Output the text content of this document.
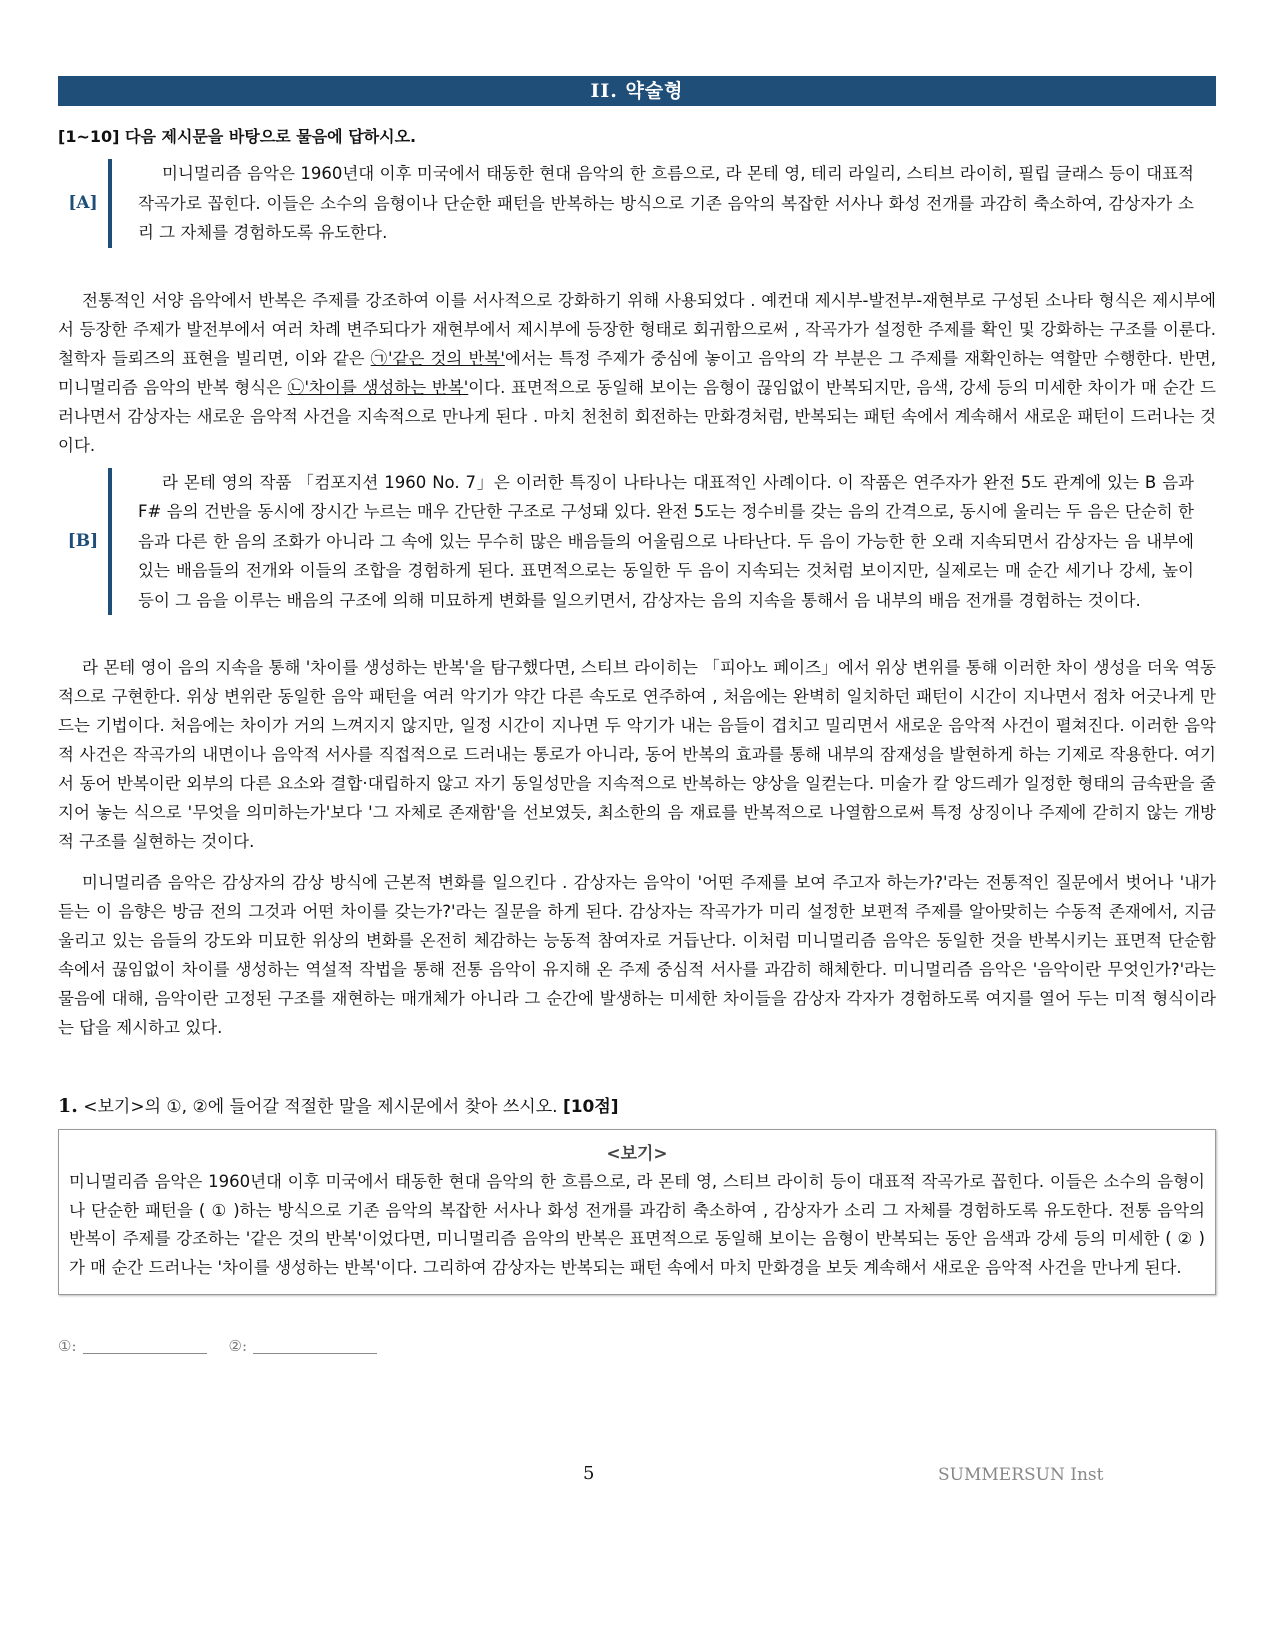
II. 약술형
[1~10] 다음 제시문을 바탕으로 물음에 답하시오.
[A]
미니멀리즘 음악은 1960년대 이후 미국에서 태동한 현대 음악의 한 흐름으로, 라 몬테 영, 테리 라일리, 스티브 라이히, 필립 글래스 등이 대표적 작곡가로 꼽힌다. 이들은 소수의 음형이나 단순한 패턴을 반복하는 방식으로 기존 음악의 복잡한 서사나 화성 전개를 과감히 축소하여, 감상자가 소리 그 자체를 경험하도록 유도한다.

전통적인 서양 음악에서 반복은 주제를 강조하여 이를 서사적으로 강화하기 위해 사용되었다 . 예컨대 제시부-발전부-재현부로 구성된 소나타 형식은 제시부에서 등장한 주제가 발전부에서 여러 차례 변주되다가 재현부에서 제시부에 등장한 형태로 회귀함으로써 , 작곡가가 설정한 주제를 확인 및 강화하는 구조를 이룬다. 철학자 들뢰즈의 표현을 빌리면, 이와 같은 ㉠'같은 것의 반복'에서는 특정 주제가 중심에 놓이고 음악의 각 부분은 그 주제를 재확인하는 역할만 수행한다. 반면, 미니멀리즘 음악의 반복 형식은 ㉡'차이를 생성하는 반복'이다. 표면적으로 동일해 보이는 음형이 끊임없이 반복되지만, 음색, 강세 등의 미세한 차이가 매 순간 드러나면서 감상자는 새로운 음악적 사건을 지속적으로 만나게 된다 . 마치 천천히 회전하는 만화경처럼, 반복되는 패턴 속에서 계속해서 새로운 패턴이 드러나는 것이다.

[B]
라 몬테 영의 작품 「컴포지션 1960 No. 7」은 이러한 특징이 나타나는 대표적인 사례이다. 이 작품은 연주자가 완전 5도 관계에 있는 B 음과 F# 음의 건반을 동시에 장시간 누르는 매우 간단한 구조로 구성돼 있다. 완전 5도는 정수비를 갖는 음의 간격으로, 동시에 울리는 두 음은 단순히 한 음과 다른 한 음의 조화가 아니라 그 속에 있는 무수히 많은 배음들의 어울림으로 나타난다. 두 음이 가능한 한 오래 지속되면서 감상자는 음 내부에 있는 배음들의 전개와 이들의 조합을 경험하게 된다. 표면적으로는 동일한 두 음이 지속되는 것처럼 보이지만, 실제로는 매 순간 세기나 강세, 높이 등이 그 음을 이루는 배음의 구조에 의해 미묘하게 변화를 일으키면서, 감상자는 음의 지속을 통해서 음 내부의 배음 전개를 경험하는 것이다.

라 몬테 영이 음의 지속을 통해 '차이를 생성하는 반복'을 탐구했다면, 스티브 라이히는 「피아노 페이즈」에서 위상 변위를 통해 이러한 차이 생성을 더욱 역동적으로 구현한다. 위상 변위란 동일한 음악 패턴을 여러 악기가 약간 다른 속도로 연주하여 , 처음에는 완벽히 일치하던 패턴이 시간이 지나면서 점차 어긋나게 만드는 기법이다. 처음에는 차이가 거의 느껴지지 않지만, 일정 시간이 지나면 두 악기가 내는 음들이 겹치고 밀리면서 새로운 음악적 사건이 펼쳐진다. 이러한 음악적 사건은 작곡가의 내면이나 음악적 서사를 직접적으로 드러내는 통로가 아니라, 동어 반복의 효과를 통해 내부의 잠재성을 발현하게 하는 기제로 작용한다. 여기서 동어 반복이란 외부의 다른 요소와 결합·대립하지 않고 자기 동일성만을 지속적으로 반복하는 양상을 일컫는다. 미술가 칼 앙드레가 일정한 형태의 금속판을 줄지어 놓는 식으로 '무엇을 의미하는가'보다 '그 자체로 존재함'을 선보였듯, 최소한의 음 재료를 반복적으로 나열함으로써 특정 상징이나 주제에 갇히지 않는 개방적 구조를 실현하는 것이다.

미니멀리즘 음악은 감상자의 감상 방식에 근본적 변화를 일으킨다 . 감상자는 음악이 '어떤 주제를 보여 주고자 하는가?'라는 전통적인 질문에서 벗어나 '내가 듣는 이 음향은 방금 전의 그것과 어떤 차이를 갖는가?'라는 질문을 하게 된다. 감상자는 작곡가가 미리 설정한 보편적 주제를 알아맞히는 수동적 존재에서, 지금 울리고 있는 음들의 강도와 미묘한 위상의 변화를 온전히 체감하는 능동적 참여자로 거듭난다. 이처럼 미니멀리즘 음악은 동일한 것을 반복시키는 표면적 단순함 속에서 끊임없이 차이를 생성하는 역설적 작법을 통해 전통 음악이 유지해 온 주제 중심적 서사를 과감히 해체한다. 미니멀리즘 음악은 '음악이란 무엇인가?'라는 물음에 대해, 음악이란 고정된 구조를 재현하는 매개체가 아니라 그 순간에 발생하는 미세한 차이들을 감상자 각자가 경험하도록 여지를 열어 두는 미적 형식이라는 답을 제시하고 있다.

1. <보기>의 ①, ②에 들어갈 적절한 말을 제시문에서 찾아 쓰시오. [10점]
<보기>
미니멀리즘 음악은 1960년대 이후 미국에서 태동한 현대 음악의 한 흐름으로, 라 몬테 영, 스티브 라이히 등이 대표적 작곡가로 꼽힌다. 이들은 소수의 음형이나 단순한 패턴을 ( ① )하는 방식으로 기존 음악의 복잡한 서사나 화성 전개를 과감히 축소하여 , 감상자가 소리 그 자체를 경험하도록 유도한다. 전통 음악의 반복이 주제를 강조하는 '같은 것의 반복'이었다면, 미니멀리즘 음악의 반복은 표면적으로 동일해 보이는 음형이 반복되는 동안 음색과 강세 등의 미세한 ( ② )가 매 순간 드러나는 '차이를 생성하는 반복'이다. 그리하여 감상자는 반복되는 패턴 속에서 마치 만화경을 보듯 계속해서 새로운 음악적 사건을 만나게 된다.
①:	②:
5	SUMMERSUN Inst
